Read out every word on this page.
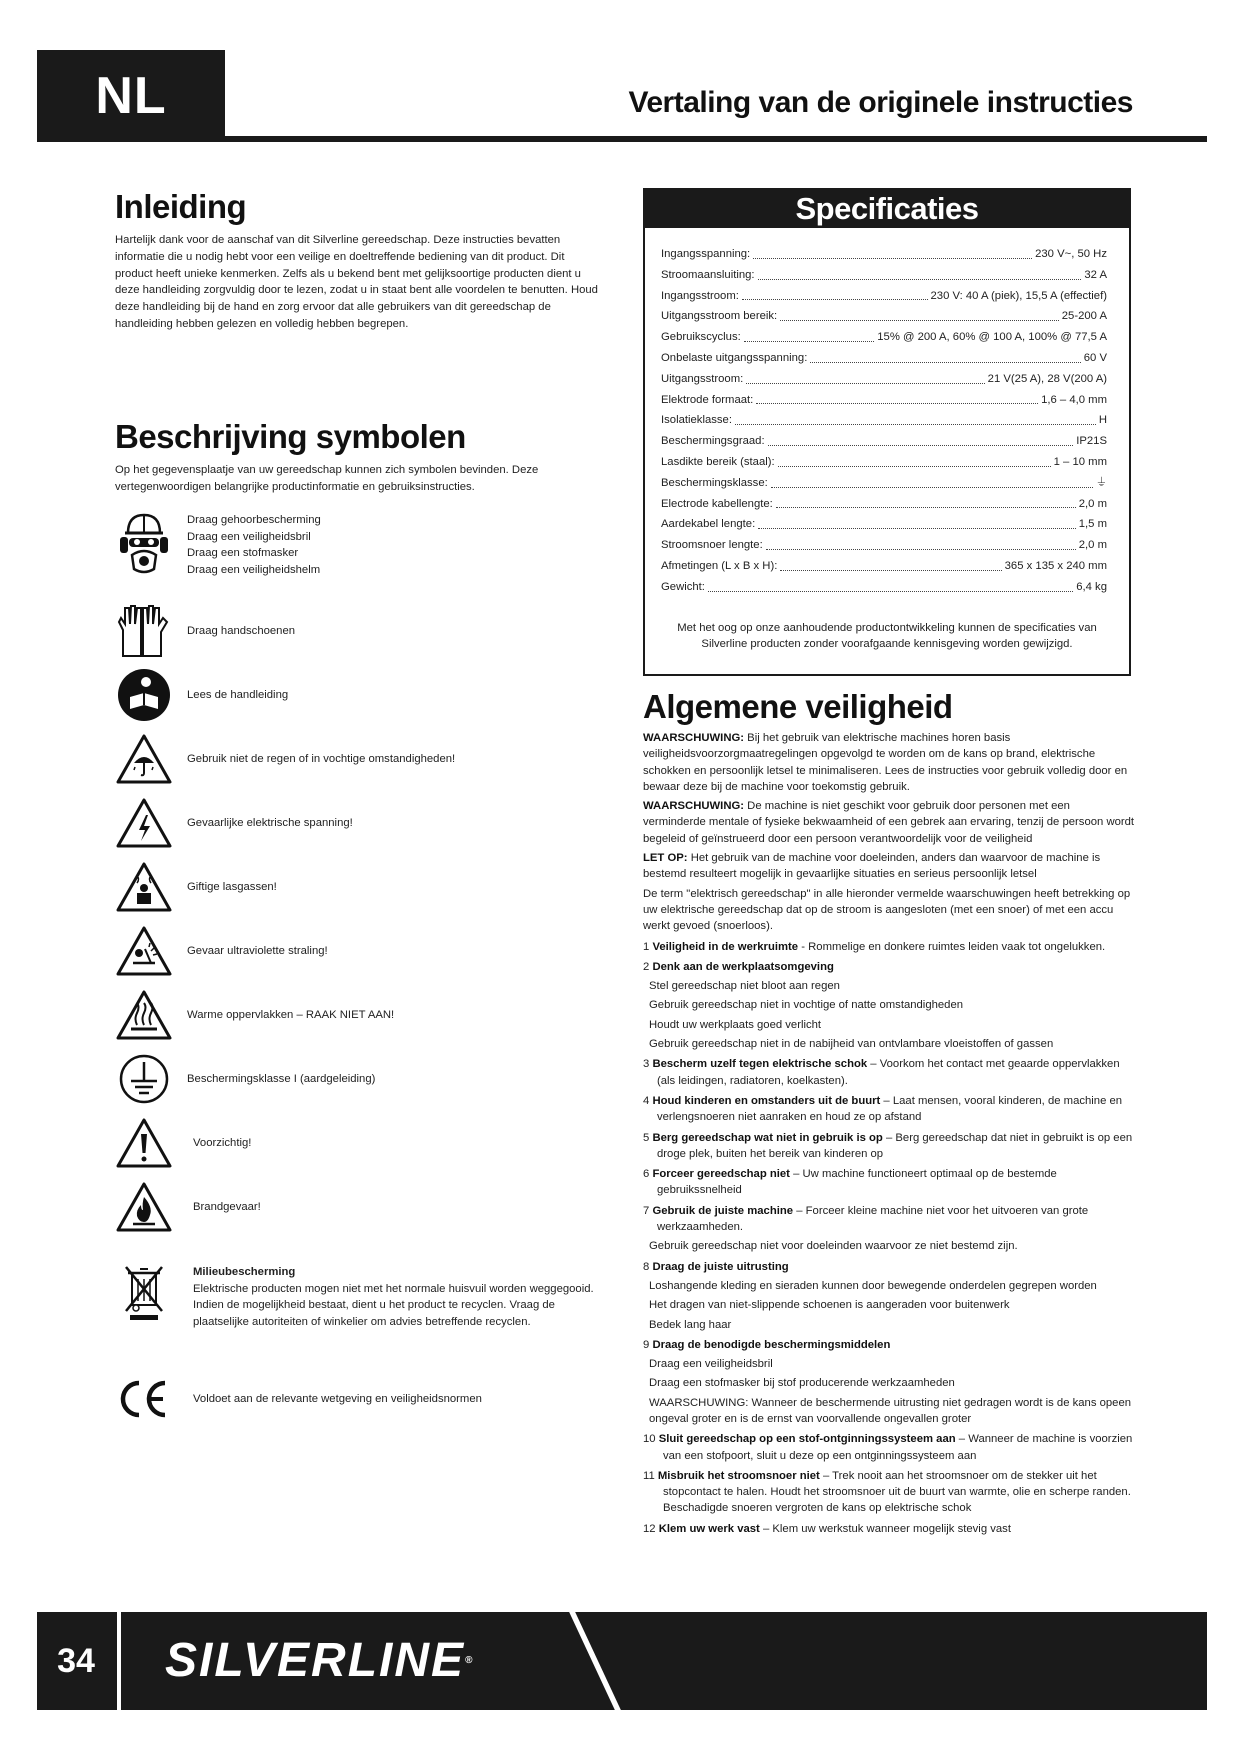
NL	Vertaling van de originele instructies
Inleiding

Hartelijk dank voor de aanschaf van dit Silverline gereedschap. Deze instructies bevatten informatie die u nodig hebt voor een veilige en doeltreffende bediening van dit product. Dit product heeft unieke kenmerken. Zelfs als u bekend bent met gelijksoortige producten dient u deze handleiding zorgvuldig door te lezen, zodat u in staat bent alle voordelen te benutten. Houd deze handleiding bij de hand en zorg ervoor dat alle gebruikers van dit gereedschap de handleiding hebben gelezen en volledig hebben begrepen.

Beschrijving symbolen

Op het gegevensplaatje van uw gereedschap kunnen zich symbolen bevinden. Deze vertegenwoordigen belangrijke productinformatie en gebruiksinstructies.

Draag gehoorbescherming
Draag een veiligheidsbril
Draag een stofmasker
Draag een veiligheidshelm
Draag handschoenen
Lees de handleiding
Gebruik niet de regen of in vochtige omstandigheden!
Gevaarlijke elektrische spanning!
Giftige lasgassen!
Gevaar ultraviolette straling!
Warme oppervlakken – RAAK NIET AAN!
Beschermingsklasse I (aardgeleiding)
Voorzichtig!
Brandgevaar!
Milieubescherming
Elektrische producten mogen niet met het normale huisvuil worden weggegooid.
Indien de mogelijkheid bestaat, dient u het product te recyclen. Vraag de
plaatselijke autoriteiten of winkelier om advies betreffende recyclen.
Voldoet aan de relevante wetgeving en veiligheidsnormen
Specificaties
Ingangsspanning:	230 V~, 50 Hz
Stroomaansluiting:	32 A
Ingangsstroom:	230 V: 40 A (piek), 15,5 A (effectief)
Uitgangsstroom bereik:	25-200 A
Gebruikscyclus:	15% @ 200 A, 60% @ 100 A, 100% @ 77,5 A
Onbelaste uitgangsspanning:	60 V
Uitgangsstroom:	21 V(25 A), 28 V(200 A)
Elektrode formaat:	1,6 – 4,0 mm
Isolatieklasse:	H
Beschermingsgraad:	IP21S
Lasdikte bereik (staal):	1 – 10 mm
Beschermingsklasse:	⏚
Electrode kabellengte:	2,0 m
Aardekabel lengte:	1,5 m
Stroomsnoer lengte:	2,0 m
Afmetingen (L x B x H):	365 x 135 x 240 mm
Gewicht:	6,4 kg

Met het oog op onze aanhoudende productontwikkeling kunnen de specificaties van Silverline producten zonder voorafgaande kennisgeving worden gewijzigd.

Algemene veiligheid

WAARSCHUWING: Bij het gebruik van elektrische machines horen basis veiligheidsvoorzorgmaatregelingen opgevolgd te worden om de kans op brand, elektrische schokken en persoonlijk letsel te minimaliseren. Lees de instructies voor gebruik volledig door en bewaar deze bij de machine voor toekomstig gebruik.

WAARSCHUWING: De machine is niet geschikt voor gebruik door personen met een verminderde mentale of fysieke bekwaamheid of een gebrek aan ervaring, tenzij de persoon wordt begeleid of geïnstrueerd door een persoon verantwoordelijk voor de veiligheid

LET OP: Het gebruik van de machine voor doeleinden, anders dan waarvoor de machine is bestemd resulteert mogelijk in gevaarlijke situaties en serieus persoonlijk letsel

De term "elektrisch gereedschap" in alle hieronder vermelde waarschuwingen heeft betrekking op uw elektrische gereedschap dat op de stroom is aangesloten (met een snoer) of met een accu werkt gevoed (snoerloos).

1 Veiligheid in de werkruimte - Rommelige en donkere ruimtes leiden vaak tot ongelukken.
2 Denk aan de werkplaatsomgeving
Stel gereedschap niet bloot aan regen
Gebruik gereedschap niet in vochtige of natte omstandigheden
Houdt uw werkplaats goed verlicht
Gebruik gereedschap niet in de nabijheid van ontvlambare vloeistoffen of gassen
3 Bescherm uzelf tegen elektrische schok – Voorkom het contact met geaarde oppervlakken (als leidingen, radiatoren, koelkasten).
4 Houd kinderen en omstanders uit de buurt – Laat mensen, vooral kinderen, de machine en verlengsnoeren niet aanraken en houd ze op afstand
5 Berg gereedschap wat niet in gebruik is op – Berg gereedschap dat niet in gebruikt is op een droge plek, buiten het bereik van kinderen op
6 Forceer gereedschap niet – Uw machine functioneert optimaal op de bestemde gebruikssnelheid
7 Gebruik de juiste machine – Forceer kleine machine niet voor het uitvoeren van grote werkzaamheden.
Gebruik gereedschap niet voor doeleinden waarvoor ze niet bestemd zijn.
8 Draag de juiste uitrusting
Loshangende kleding en sieraden kunnen door bewegende onderdelen gegrepen worden
Het dragen van niet-slippende schoenen is aangeraden voor buitenwerk
Bedek lang haar
9 Draag de benodigde beschermingsmiddelen
Draag een veiligheidsbril
Draag een stofmasker bij stof producerende werkzaamheden
WAARSCHUWING: Wanneer de beschermende uitrusting niet gedragen wordt is de kans opeen ongeval groter en is de ernst van voorvallende ongevallen groter
10 Sluit gereedschap op een stof-ontginningssysteem aan – Wanneer de machine is voorzien van een stofpoort, sluit u deze op een ontginningssysteem aan
11 Misbruik het stroomsnoer niet – Trek nooit aan het stroomsnoer om de stekker uit het stopcontact te halen. Houdt het stroomsnoer uit de buurt van warmte, olie en scherpe randen. Beschadigde snoeren vergroten de kans op elektrische schok
12 Klem uw werk vast – Klem uw werkstuk wanneer mogelijk stevig vast
34	SILVERLINE®
